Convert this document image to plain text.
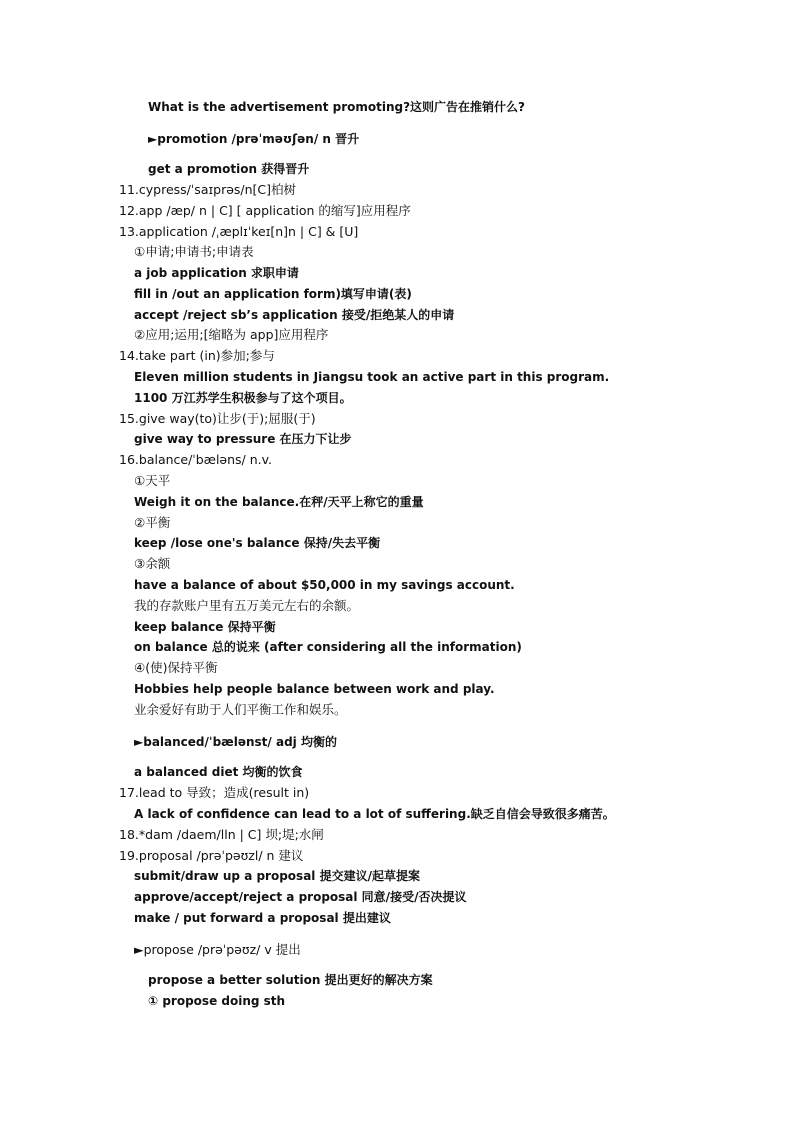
What is the advertisement promoting?这则广告在推销什么?
►promotion /prəˈməʊʃən/ n 晋升
get a promotion 获得晋升
11.cypress/ˈsaɪprəs/n[C]柏树
12.app /æp/ n | C] [ application 的缩写]应用程序
13.application /ˌæplɪˈkeɪ[n]n | C] & [U]
①申请;申请书;申请表
a job application 求职申请
fill in /out an application form)填写申请(表)
accept /reject sb’s application 接受/拒绝某人的申请
②应用;运用;[缩略为 app]应用程序
14.take part (in)参加;参与
Eleven million students in Jiangsu took an active part in this program.
1100 万江苏学生积极参与了这个项目。
15.give way(to)让步(于);屈服(于)
give way to pressure 在压力下让步
16.balance/ˈbæləns/ n.v.
①天平
Weigh it on the balance.在秤/天平上称它的重量
②平衡
keep /lose one's balance 保持/失去平衡
③余额
have a balance of about $50,000 in my savings account.
我的存款账户里有五万美元左右的余额。
keep balance 保持平衡
on balance 总的说来 (after considering all the information)
④(使)保持平衡
Hobbies help people balance between work and play.
业余爱好有助于人们平衡工作和娱乐。
►balanced/ˈbælənst/ adj 均衡的
a balanced diet 均衡的饮食
17.lead to 导致；造成(result in)
A lack of confidence can lead to a lot of suffering.缺乏自信会导致很多痛苦。
18.*dam /daem/lln | C] 坝;堤;水闸
19.proposal /prəˈpəʊzl/ n 建议
submit/draw up a proposal 提交建议/起草提案
approve/accept/reject a proposal 同意/接受/否决提议
make / put forward a proposal 提出建议
►propose /prəˈpəʊz/ v 提出
propose a better solution 提出更好的解决方案
① propose doing sth
